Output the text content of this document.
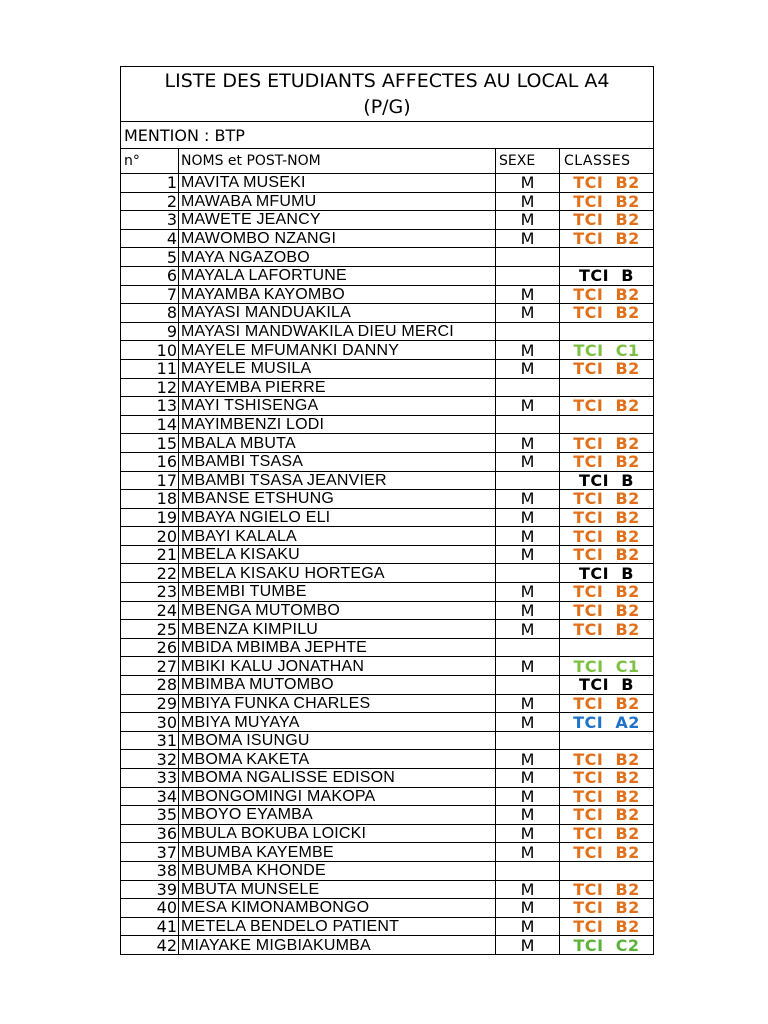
LISTE DES ETUDIANTS AFFECTES AU LOCAL A4
(P/G)			

MENTION : BTP			
n°	NOMS et POST-NOM	SEXE	CLASSES
1	MAVITA MUSEKI	M	TCI  B2
2	MAWABA MFUMU	M	TCI  B2
3	MAWETE JEANCY	M	TCI  B2
4	MAWOMBO NZANGI	M	TCI  B2
5	MAYA NGAZOBO		
6	MAYALA LAFORTUNE		TCI  B
7	MAYAMBA KAYOMBO	M	TCI  B2
8	MAYASI MANDUAKILA	M	TCI  B2
9	MAYASI MANDWAKILA DIEU MERCI		
10	MAYELE MFUMANKI DANNY	M	TCI  C1
11	MAYELE MUSILA	M	TCI  B2
12	MAYEMBA PIERRE		
13	MAYI TSHISENGA	M	TCI  B2
14	MAYIMBENZI LODI		
15	MBALA MBUTA	M	TCI  B2
16	MBAMBI TSASA	M	TCI  B2
17	MBAMBI TSASA JEANVIER		TCI  B
18	MBANSE ETSHUNG	M	TCI  B2
19	MBAYA NGIELO ELI	M	TCI  B2
20	MBAYI KALALA	M	TCI  B2
21	MBELA KISAKU	M	TCI  B2
22	MBELA KISAKU HORTEGA		TCI  B
23	MBEMBI TUMBE	M	TCI  B2
24	MBENGA MUTOMBO	M	TCI  B2
25	MBENZA KIMPILU	M	TCI  B2
26	MBIDA MBIMBA JEPHTE		
27	MBIKI KALU JONATHAN	M	TCI  C1
28	MBIMBA MUTOMBO		TCI  B
29	MBIYA FUNKA CHARLES	M	TCI  B2
30	MBIYA MUYAYA	M	TCI  A2
31	MBOMA ISUNGU		
32	MBOMA KAKETA	M	TCI  B2
33	MBOMA NGALISSE EDISON	M	TCI  B2
34	MBONGOMINGI MAKOPA	M	TCI  B2
35	MBOYO EYAMBA	M	TCI  B2
36	MBULA BOKUBA LOICKI	M	TCI  B2
37	MBUMBA KAYEMBE	M	TCI  B2
38	MBUMBA KHONDE		
39	MBUTA MUNSELE	M	TCI  B2
40	MESA KIMONAMBONGO	M	TCI  B2
41	METELA BENDELO PATIENT	M	TCI  B2
42	MIAYAKE MIGBIAKUMBA	M	TCI  C2
